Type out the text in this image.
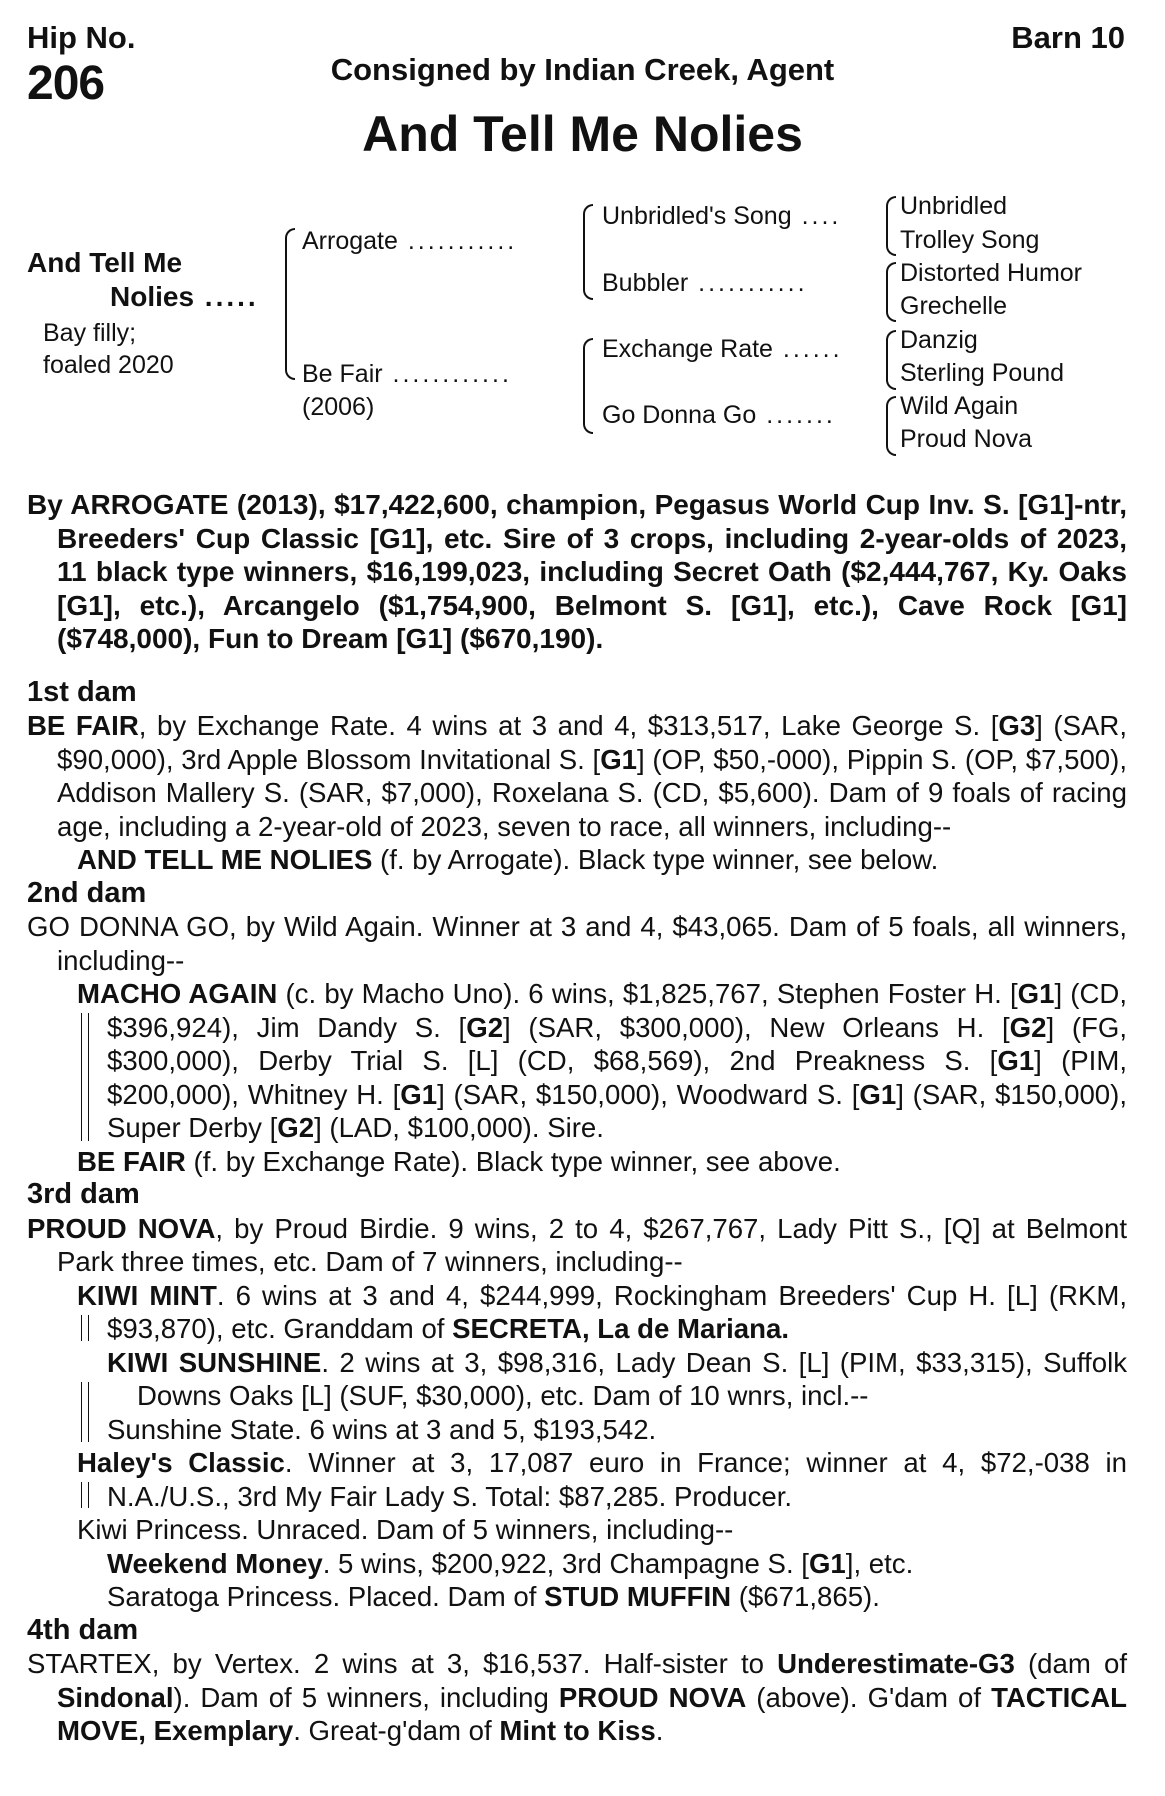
Hip No.
206
Barn 10
Consigned by Indian Creek, Agent
And Tell Me Nolies
And Tell Me
Nolies .....
Bay filly;
foaled 2020
Arrogate ...........
Be Fair ............
(2006)
Unbridled's Song ....
Bubbler ...........
Exchange Rate ......
Go Donna Go .......
Unbridled
Trolley Song
Distorted Humor
Grechelle
Danzig
Sterling Pound
Wild Again
Proud Nova

By ARROGATE (2013), $17,422,600, champion, Pegasus World Cup Inv. S. [G1]-ntr, Breeders' Cup Classic [G1], etc. Sire of 3 crops, including 2-year-olds of 2023, 11 black type winners, $16,199,023, including Secret Oath ($2,444,767, Ky. Oaks [G1], etc.), Arcangelo ($1,754,900, Belmont S. [G1], etc.), Cave Rock [G1] ($748,000), Fun to Dream [G1] ($670,190).

1st dam

BE FAIR, by Exchange Rate. 4 wins at 3 and 4, $313,517, Lake George S. [G3] (SAR, $90,000), 3rd Apple Blossom Invitational S. [G1] (OP, $50,-000), Pippin S. (OP, $7,500), Addison Mallery S. (SAR, $7,000), Roxelana S. (CD, $5,600). Dam of 9 foals of racing age, including a 2-year-old of 2023, seven to race, all winners, including--

AND TELL ME NOLIES (f. by Arrogate). Black type winner, see below.

2nd dam

GO DONNA GO, by Wild Again. Winner at 3 and 4, $43,065. Dam of 5 foals, all winners, including--

MACHO AGAIN (c. by Macho Uno). 6 wins, $1,825,767, Stephen Foster H. [G1] (CD, $396,924), Jim Dandy S. [G2] (SAR, $300,000), New Orleans H. [G2] (FG, $300,000), Derby Trial S. [L] (CD, $68,569), 2nd Preakness S. [G1] (PIM, $200,000), Whitney H. [G1] (SAR, $150,000), Woodward S. [G1] (SAR, $150,000), Super Derby [G2] (LAD, $100,000). Sire.

BE FAIR (f. by Exchange Rate). Black type winner, see above.

3rd dam

PROUD NOVA, by Proud Birdie. 9 wins, 2 to 4, $267,767, Lady Pitt S., [Q] at Belmont Park three times, etc. Dam of 7 winners, including--

KIWI MINT. 6 wins at 3 and 4, $244,999, Rockingham Breeders' Cup H. [L] (RKM, $93,870), etc. Granddam of SECRETA, La de Mariana.

KIWI SUNSHINE. 2 wins at 3, $98,316, Lady Dean S. [L] (PIM, $33,315), Suffolk Downs Oaks [L] (SUF, $30,000), etc. Dam of 10 wnrs, incl.--
Sunshine State. 6 wins at 3 and 5, $193,542.

Haley's Classic. Winner at 3, 17,087 euro in France; winner at 4, $72,-038 in N.A./U.S., 3rd My Fair Lady S. Total: $87,285. Producer.

Kiwi Princess. Unraced. Dam of 5 winners, including--

Weekend Money. 5 wins, $200,922, 3rd Champagne S. [G1], etc.

Saratoga Princess. Placed. Dam of STUD MUFFIN ($671,865).

4th dam

STARTEX, by Vertex. 2 wins at 3, $16,537. Half-sister to Underestimate-G3 (dam of Sindonal). Dam of 5 winners, including PROUD NOVA (above). G'dam of TACTICAL MOVE, Exemplary. Great-g'dam of Mint to Kiss.
